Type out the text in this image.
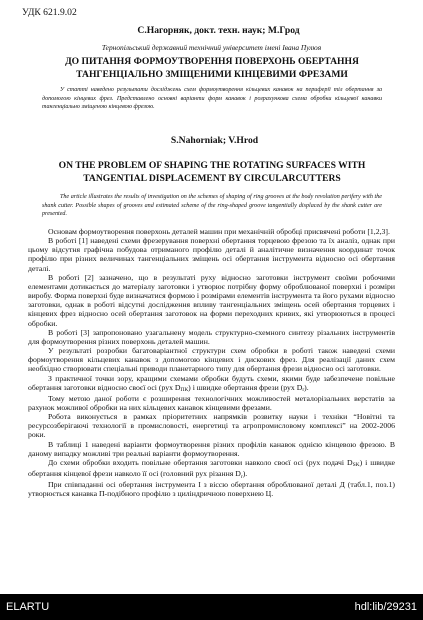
УДК 621.9.02
С.Нагорняк, докт. техн. наук; М.Грод
Тернопільський державний технічний університет імені Івана Пулюя
ДО ПИТАННЯ ФОРМОУТВОРЕННЯ ПОВЕРХОНЬ ОБЕРТАННЯ ТАНГЕНЦІАЛЬНО ЗМІЩЕНИМИ КІНЦЕВИМИ ФРЕЗАМИ
У статті наведено результати досліджень схем формоутворення кільцевих канавок на периферії тіл обертання за допомогою кінцевих фрез. Представлено основні варіанти форм канавок і розрахункова схема обробки кільцевої канавки тангенціально зміщеною кінцевою фрезою.
S.Nahorniak; V.Hrod
ON THE PROBLEM OF SHAPING THE ROTATING SURFACES WITH TANGENTIAL DISPLACEMENT BY CIRCULARCUTTERS
The article illustrates the results of investigation on the schemes of shaping of ring grooves at the body revolution perifery with the shank cutter. Possible shapes of grooves and estimated scheme of the ring-shaped groove tangentially displaced by the shank cutter are presented.

Основам формоутворення поверхонь деталей машин при механічній обробці присвячені роботи [1,2,3].

В роботі [1] наведені схеми фрезерування поверхні обертання торцевою фрезою та їх аналіз, однак при цьому відсутня графічна побудова отриманого профілю деталі й аналітичне визначення координат точок профілю при різних величинах тангенціальних зміщень осі обертання інструмента відносно осі обертання деталі.

В роботі [2] зазначено, що в результаті руху відносно заготовки інструмент своїми робочими елементами дотикається до матеріалу заготовки і утворює потрібну форму оброблюваної поверхні і розміри виробу. Форма поверхні буде визначатися формою і розмірами елементів інструмента та його рухами відносно заготовки, однак в роботі відсутні дослідження впливу тангенціальних зміщень осей обертання торцевих і кінцевих фрез відносно осей обертання заготовок на форми переходних кривих, які утворюються в процесі обробки.

В роботі [3] запропоновано узагальнену модель структурно-схемного синтезу різальних інструментів для формоутворення різних поверхонь деталей машин.

У результаті розробки багатоваріантної структури схем обробки в роботі також наведені схеми формоутворення кільцевих канавок з допомогою кінцевих і дискових фрез. Для реалізації даних схем необхідно створювати спеціальні приводи планетарного типу для обертання фрези відносно осі заготовки.

З практичної точки зору, кращими схемами обробки будуть схеми, якими буде забезпечене повільне обертання заготовки відносно своєї осі (рух $D_{ПК}$) і швидке обертання фрези (рух $D_r$).

Тому метою даної роботи є розширення технологічних можливостей металорізальних верстатів за рахунок можливої обробки на них кільцевих канавок кінцевими фрезами.

Робота виконується в рамках пріоритетних напрямків розвитку науки і техніки “Новітні та ресурсозберігаючі технології в промисловості, енергетиці та агропромисловому комплексі” на 2002-2006 роки.

В таблиці 1 наведені варіанти формоутворення різних профілів канавок однією кінцевою фрезою. В даному випадку можливі три реальні варіанти формоутворення.

До схеми обробки входить повільне обертання заготовки навколо своєї осі (рух подачі $D_{SK}$) і швидке обертання кінцевої фрези навколо її осі (головний рух різання $D_r$).

При співпаданні осі обертання інструмента I з віссю обертання оброблюваної деталі Д (табл.1, поз.1) утворюється канавка П-подібного профілю з циліндричною поверхнею Ц.

ELARTU	hdl:lib/29231
